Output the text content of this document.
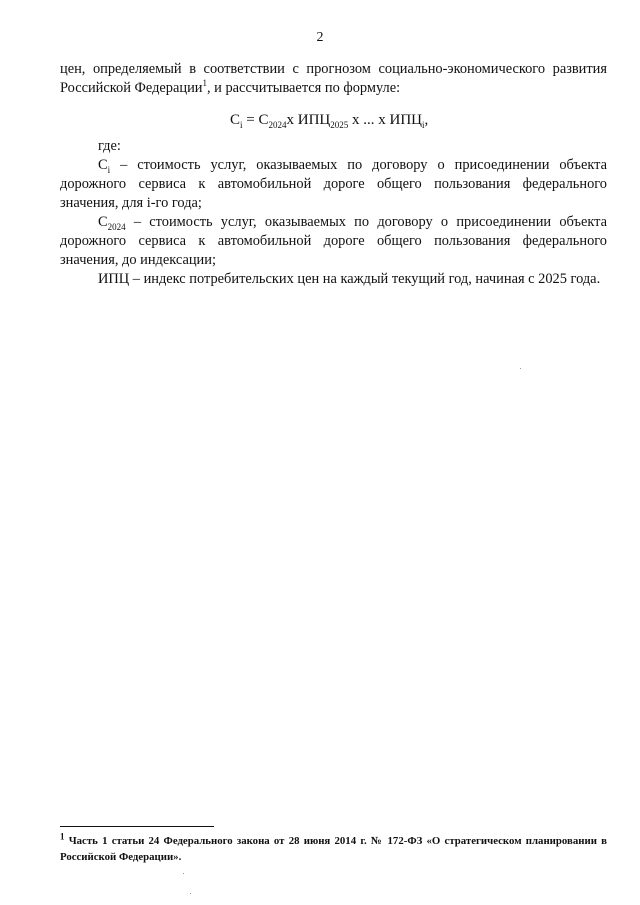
2

цен, определяемый в соответствии с прогнозом социально-экономического развития Российской Федерации$^1$, и рассчитывается по формуле:

$C_i = C_{2024}x$ $ИПЦ_{2025}$ x ... x $ИПЦ_i$,

где:

$C_i$ – стоимость услуг, оказываемых по договору о присоединении объекта дорожного сервиса к автомобильной дороге общего пользования федерального значения, для i-го года;

$C_{2024}$ – стоимость услуг, оказываемых по договору о присоединении объекта дорожного сервиса к автомобильной дороге общего пользования федерального значения, до индексации;

ИПЦ – индекс потребительских цен на каждый текущий год, начиная с 2025 года.

$^1$ Часть 1 статьи 24 Федерального закона от 28 июня 2014 г. № 172-ФЗ «О стратегическом планировании в Российской Федерации».
